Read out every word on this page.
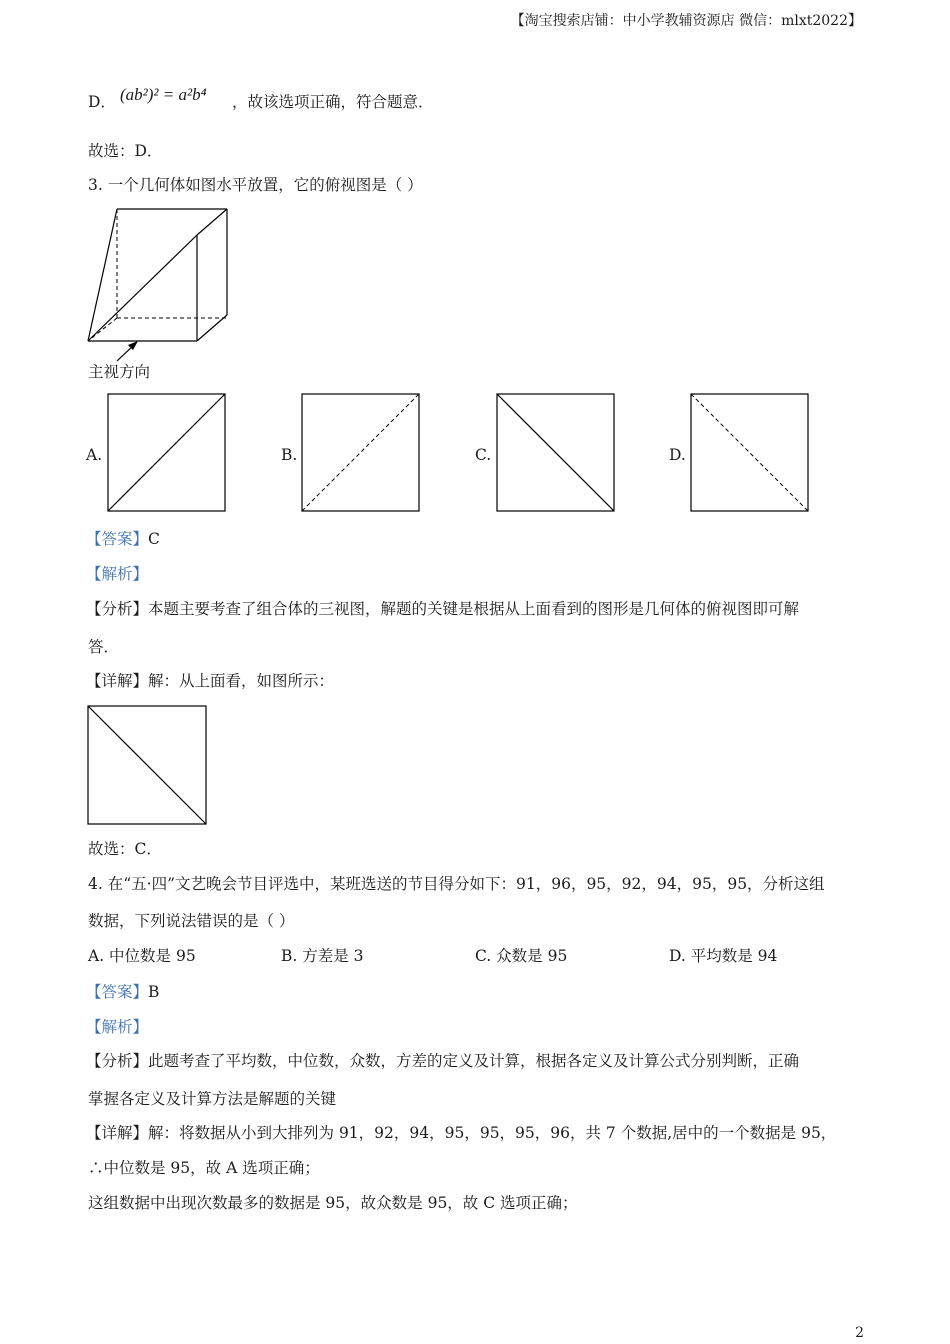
【淘宝搜索店铺：中小学教辅资源店 微信：mlxt2022】
D． (ab²)² = a²b⁴ ，故该选项正确，符合题意．
故选：D．
3. 一个几何体如图水平放置，它的俯视图是（ ）
主视方向
A.	B.	C.	D.
【答案】C
【解析】
【分析】本题主要考查了组合体的三视图，解题的关键是根据从上面看到的图形是几何体的俯视图即可解
答．
【详解】解：从上面看，如图所示：
故选：C．
4. 在“五·四”文艺晚会节目评选中，某班选送的节目得分如下：91，96，95，92，94，95，95，分析这组
数据，下列说法错误的是（ ）
A. 中位数是 95	B. 方差是 3	C. 众数是 95	D. 平均数是 94
【答案】B
【解析】
【分析】此题考查了平均数，中位数，众数，方差的定义及计算，根据各定义及计算公式分别判断，正确
掌握各定义及计算方法是解题的关键
【详解】解：将数据从小到大排列为 91，92，94，95，95，95，96，共 7 个数据,居中的一个数据是 95，
∴中位数是 95，故 A 选项正确；
这组数据中出现次数最多的数据是 95，故众数是 95，故 C 选项正确；
2
